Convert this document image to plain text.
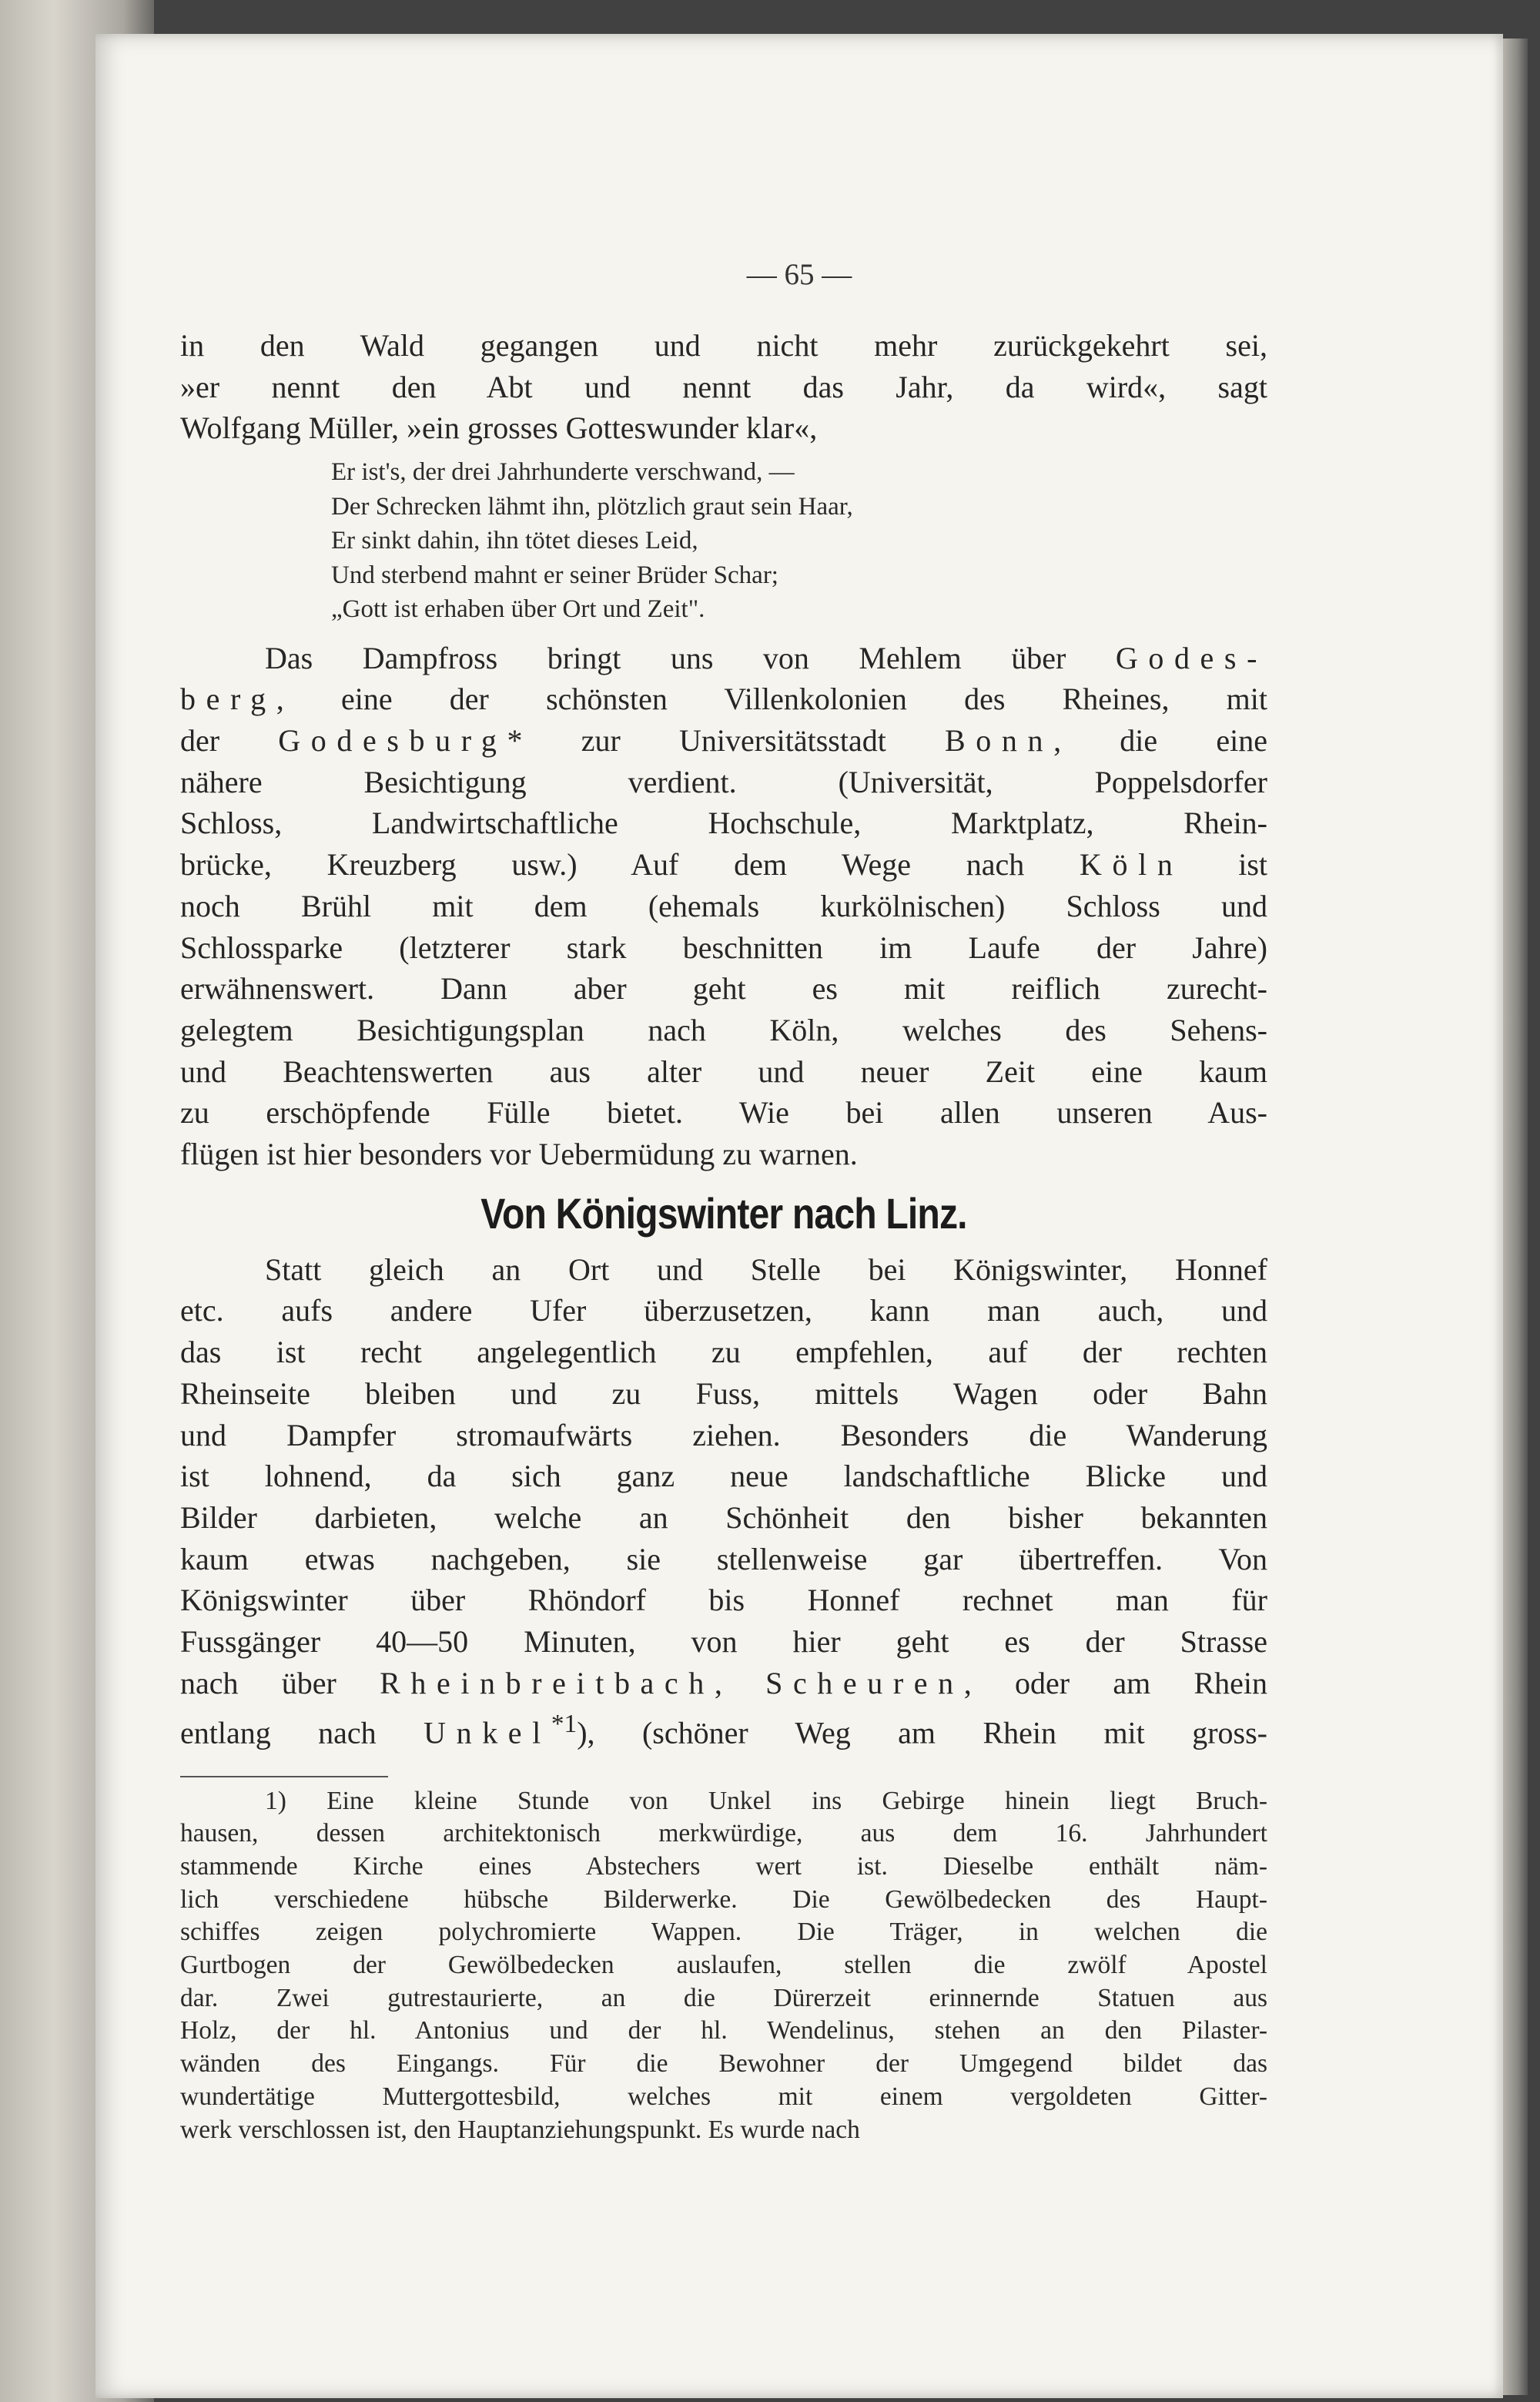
— 65 —

in den Wald gegangen und nicht mehr zurückgekehrt sei,

»er nennt den Abt und nennt das Jahr, da wird«, sagt

Wolfgang Müller, »ein grosses Gotteswunder klar«,

Er ist's, der drei Jahrhunderte verschwand, —
Der Schrecken lähmt ihn, plötzlich graut sein Haar,
Er sinkt dahin, ihn tötet dieses Leid,
Und sterbend mahnt er seiner Brüder Schar;
„Gott ist erhaben über Ort und Zeit".

Das Dampfross bringt uns von Mehlem über Godes-

berg, eine der schönsten Villenkolonien des Rheines, mit

der Godesburg* zur Universitätsstadt Bonn, die eine

nähere Besichtigung verdient. (Universität, Poppelsdorfer

Schloss, Landwirtschaftliche Hochschule, Marktplatz, Rhein-

brücke, Kreuzberg usw.) Auf dem Wege nach Köln ist

noch Brühl mit dem (ehemals kurkölnischen) Schloss und

Schlossparke (letzterer stark beschnitten im Laufe der Jahre)

erwähnenswert. Dann aber geht es mit reiflich zurecht-

gelegtem Besichtigungsplan nach Köln, welches des Sehens-

und Beachtenswerten aus alter und neuer Zeit eine kaum

zu erschöpfende Fülle bietet. Wie bei allen unseren Aus-

flügen ist hier besonders vor Uebermüdung zu warnen.

Von Königswinter nach Linz.

Statt gleich an Ort und Stelle bei Königswinter, Honnef

etc. aufs andere Ufer überzusetzen, kann man auch, und

das ist recht angelegentlich zu empfehlen, auf der rechten

Rheinseite bleiben und zu Fuss, mittels Wagen oder Bahn

und Dampfer stromaufwärts ziehen. Besonders die Wanderung

ist lohnend, da sich ganz neue landschaftliche Blicke und

Bilder darbieten, welche an Schönheit den bisher bekannten

kaum etwas nachgeben, sie stellenweise gar übertreffen. Von

Königswinter über Rhöndorf bis Honnef rechnet man für

Fussgänger 40—50 Minuten, von hier geht es der Strasse

nach über Rheinbreitbach, Scheuren, oder am Rhein

entlang nach Unkel$^{*1}$), (schöner Weg am Rhein mit gross-

1) Eine kleine Stunde von Unkel ins Gebirge hinein liegt Bruch-

hausen, dessen architektonisch merkwürdige, aus dem 16. Jahrhundert

stammende Kirche eines Abstechers wert ist. Dieselbe enthält näm-

lich verschiedene hübsche Bilderwerke. Die Gewölbedecken des Haupt-

schiffes zeigen polychromierte Wappen. Die Träger, in welchen die

Gurtbogen der Gewölbedecken auslaufen, stellen die zwölf Apostel

dar. Zwei gutrestaurierte, an die Dürerzeit erinnernde Statuen aus

Holz, der hl. Antonius und der hl. Wendelinus, stehen an den Pilaster-

wänden des Eingangs. Für die Bewohner der Umgegend bildet das

wundertätige Muttergottesbild, welches mit einem vergoldeten Gitter-

werk verschlossen ist, den Hauptanziehungspunkt. Es wurde nach
